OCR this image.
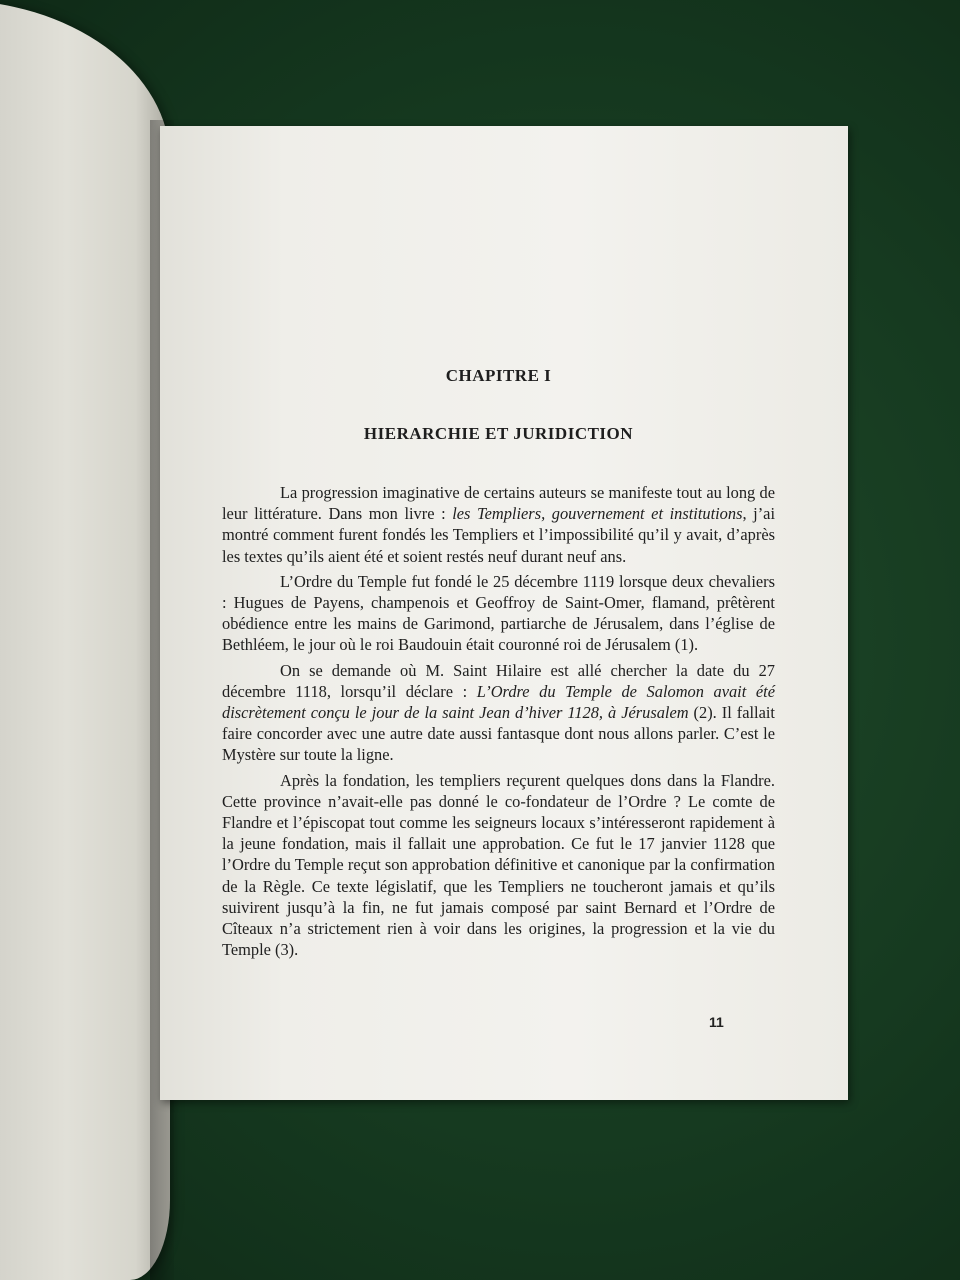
CHAPITRE I
HIERARCHIE ET JURIDICTION

La progression imaginative de certains auteurs se manifeste tout au long de leur littérature. Dans mon livre : les Templiers, gouvernement et institutions, j’ai montré comment furent fondés les Templiers et l’impossibilité qu’il y avait, d’après les textes qu’ils aient été et soient restés neuf durant neuf ans.

L’Ordre du Temple fut fondé le 25 décembre 1119 lorsque deux chevaliers : Hugues de Payens, champenois et Geoffroy de Saint-Omer, flamand, prêtèrent obédience entre les mains de Garimond, partiarche de Jérusalem, dans l’église de Bethléem, le jour où le roi Baudouin était couronné roi de Jérusalem (1).

On se demande où M. Saint Hilaire est allé chercher la date du 27 décembre 1118, lorsqu’il déclare : L’Ordre du Temple de Salomon avait été discrètement conçu le jour de la saint Jean d’hiver 1128, à Jérusalem (2). Il fallait faire concorder avec une autre date aussi fantasque dont nous allons parler. C’est le Mystère sur toute la ligne.

Après la fondation, les templiers reçurent quelques dons dans la Flandre. Cette province n’avait-elle pas donné le co-fondateur de l’Ordre ? Le comte de Flandre et l’épiscopat tout comme les seigneurs locaux s’intéresseront rapidement à la jeune fondation, mais il fallait une approbation. Ce fut le 17 janvier 1128 que l’Ordre du Temple reçut son approbation définitive et canonique par la confirmation de la Règle. Ce texte législatif, que les Templiers ne toucheront jamais et qu’ils suivirent jusqu’à la fin, ne fut jamais composé par saint Bernard et l’Ordre de Cîteaux n’a strictement rien à voir dans les origines, la progression et la vie du Temple (3).

11
